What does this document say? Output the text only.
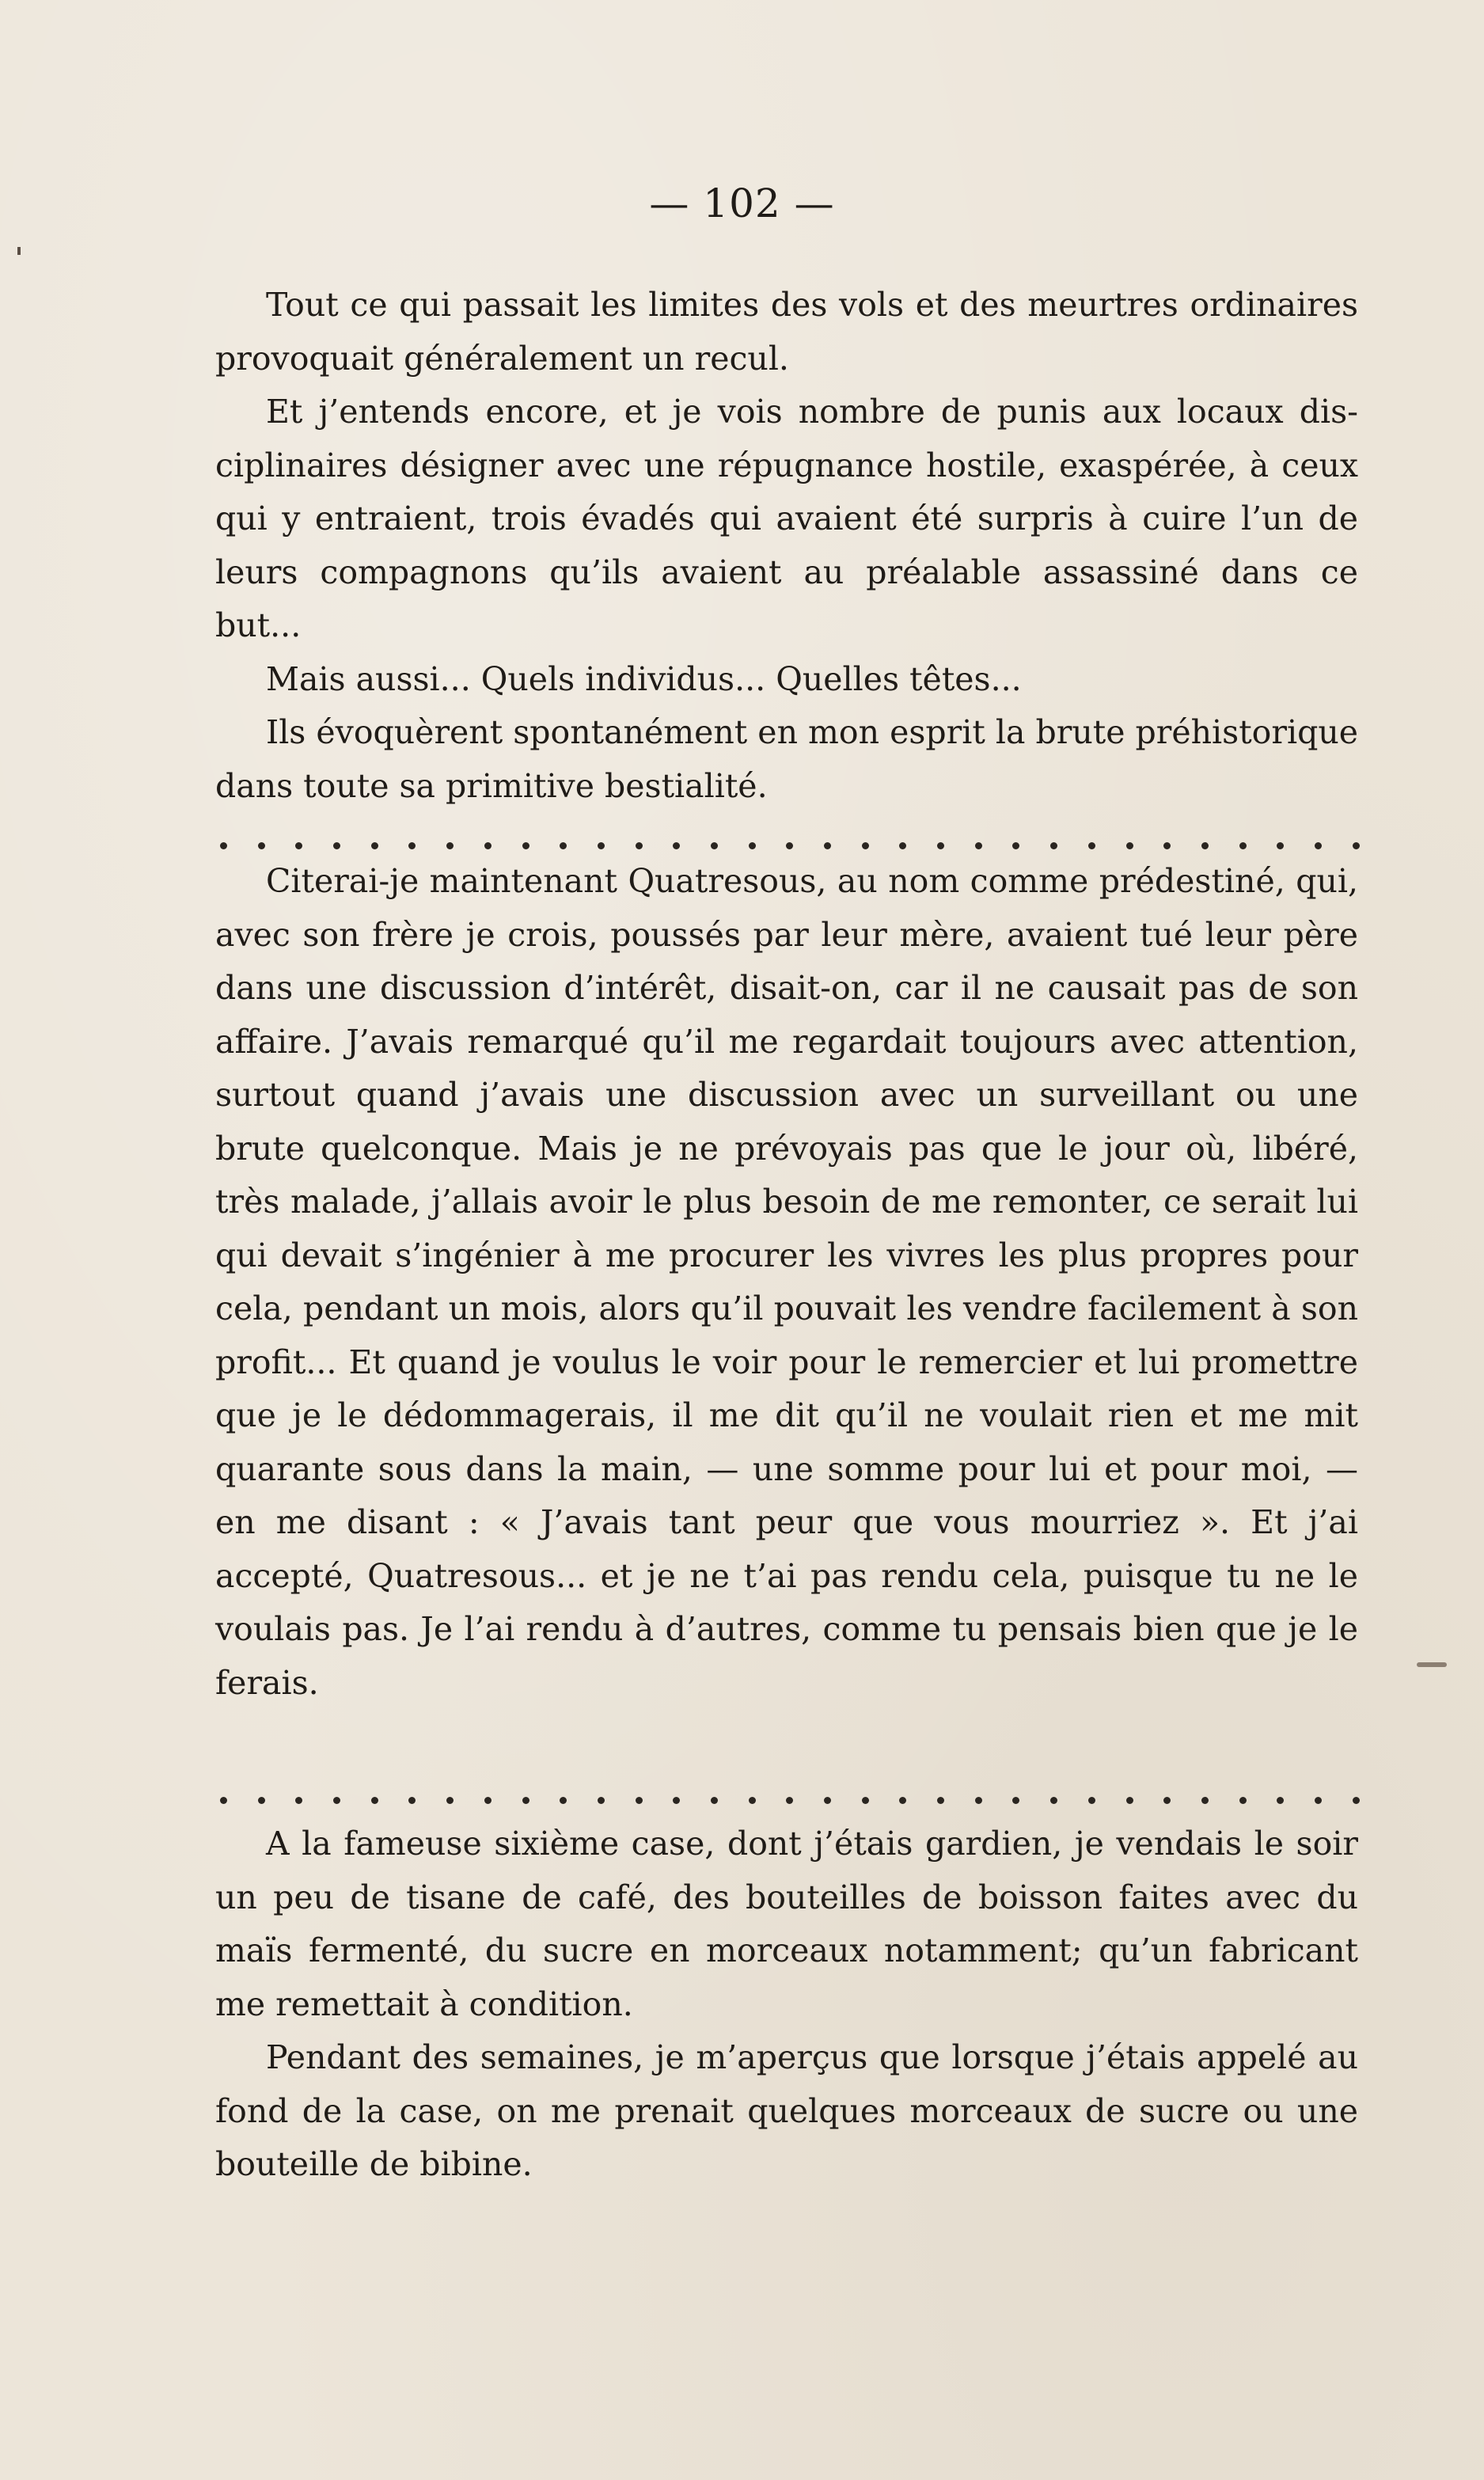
— 102 —

Tout ce qui passait les limites des vols et des meurtres ordinaires provoquait généralement un recul.

Et j’entends encore, et je vois nombre de punis aux locaux disciplinaires désigner avec une répugnance hostile, exaspérée, à ceux qui y entraient, trois évadés qui avaient été surpris à cuire l’un de leurs compagnons qu’ils avaient au préalable assassiné dans ce but...

Mais aussi... Quels individus... Quelles têtes...

Ils évoquèrent spontanément en mon esprit la brute préhistorique dans toute sa primitive bestialité.

Citerai-je maintenant Quatresous, au nom comme prédestiné, qui, avec son frère je crois, poussés par leur mère, avaient tué leur père dans une discussion d’intérêt, disait-on, car il ne causait pas de son affaire. J’avais remarqué qu’il me regardait toujours avec attention, surtout quand j’avais une discussion avec un surveillant ou une brute quelconque. Mais je ne prévoyais pas que le jour où, libéré, très malade, j’allais avoir le plus besoin de me remonter, ce serait lui qui devait s’ingénier à me procurer les vivres les plus propres pour cela, pendant un mois, alors qu’il pouvait les vendre facilement à son profit... Et quand je voulus le voir pour le remercier et lui promettre que je le dédommagerais, il me dit qu’il ne voulait rien et me mit quarante sous dans la main, — une somme pour lui et pour moi, — en me disant : « J’avais tant peur que vous mourriez ». Et j’ai accepté, Quatresous... et je ne t’ai pas rendu cela, puisque tu ne le voulais pas. Je l’ai rendu à d’autres, comme tu pensais bien que je le ferais.

A la fameuse sixième case, dont j’étais gardien, je vendais le soir un peu de tisane de café, des bouteilles de boisson faites avec du maïs fermenté, du sucre en morceaux notamment; qu’un fabricant me remettait à condition.

Pendant des semaines, je m’aperçus que lorsque j’étais appelé au fond de la case, on me prenait quelques morceaux de sucre ou une bouteille de bibine.
